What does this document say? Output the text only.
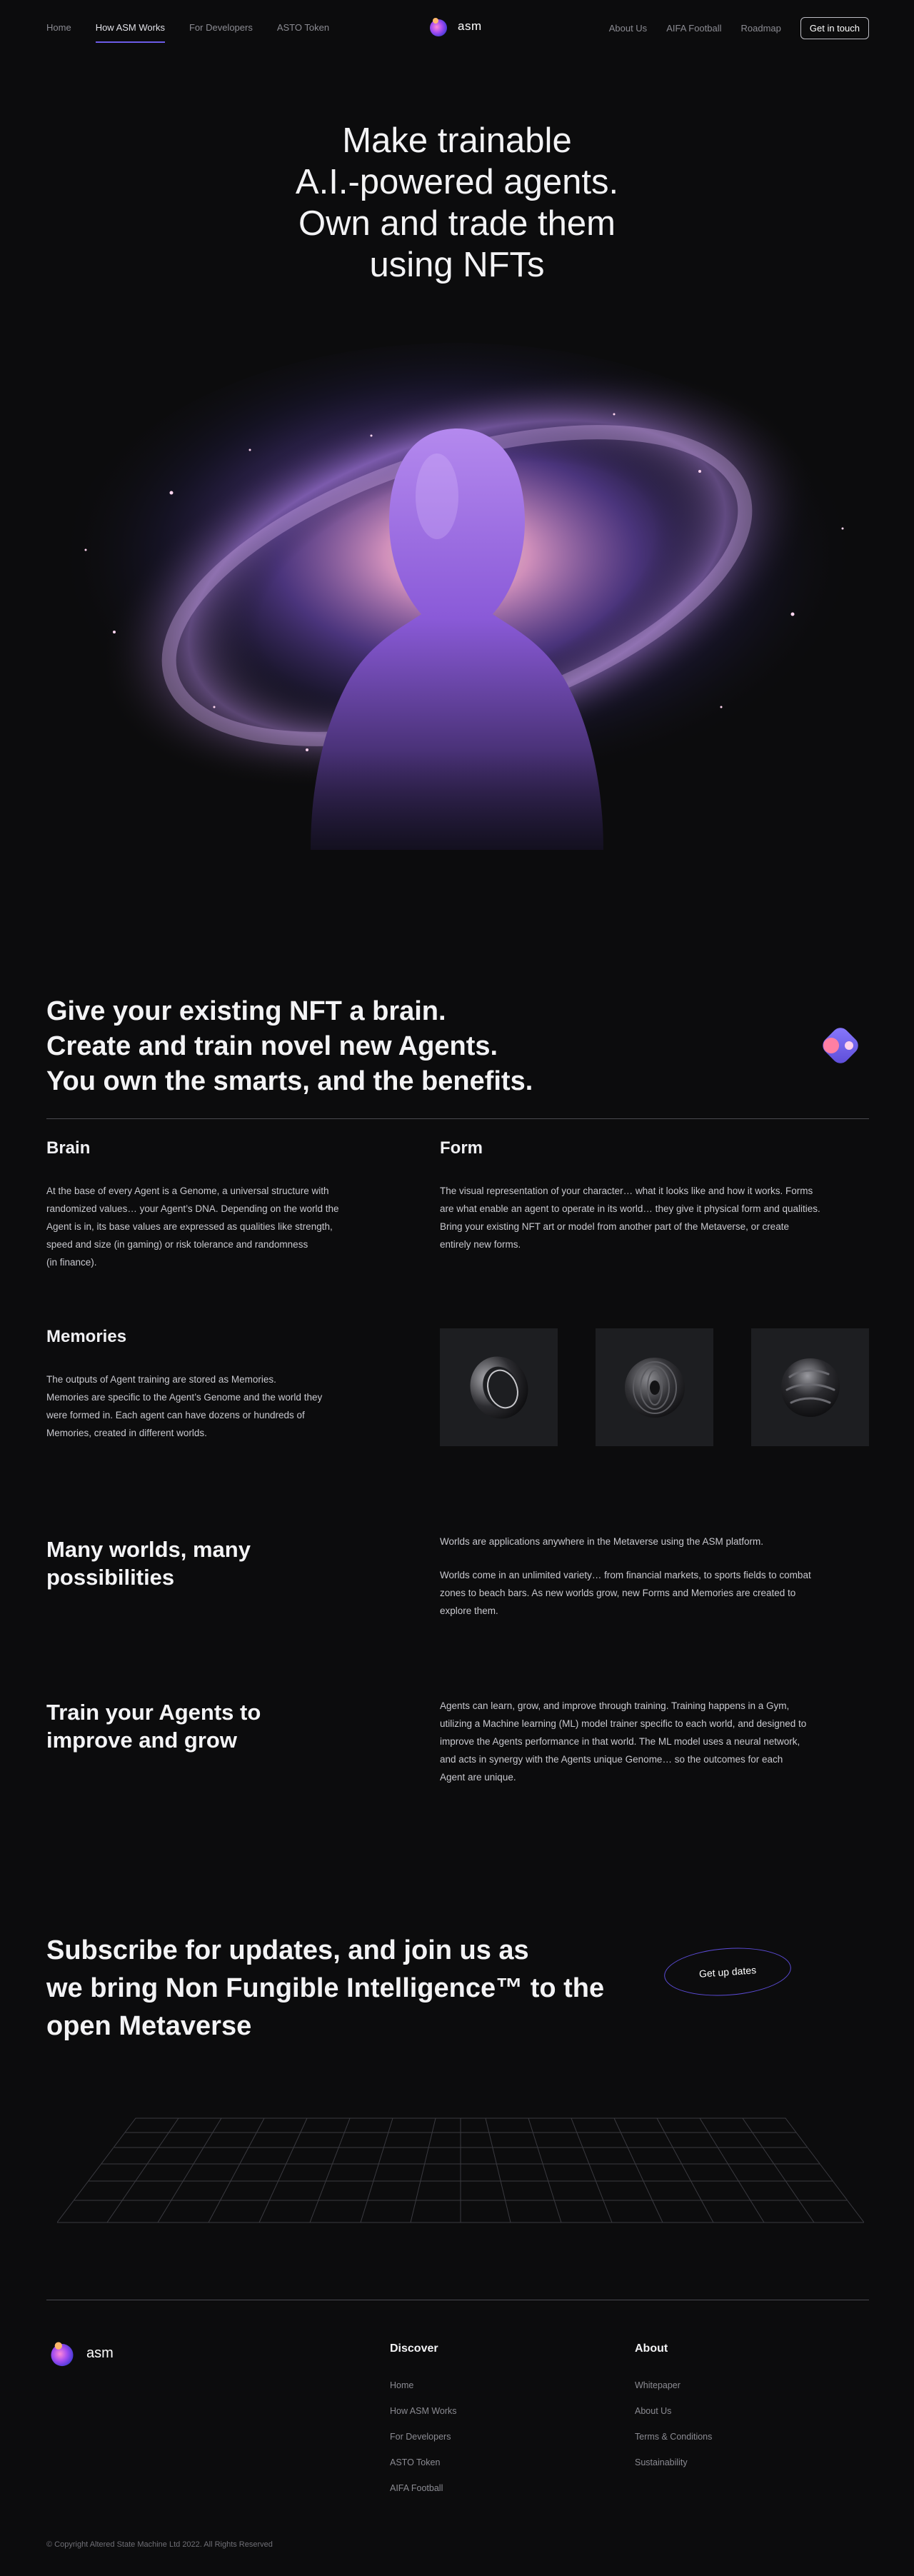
Home	How ASM Works	For Developers	ASTO Token	asm	About Us AIFA Football Roadmap	Get in touch
Make trainable
A.I.-powered agents.
Own and trade them
using NFTs
Give your existing NFT a brain.
Create and train novel new Agents.
You own the smarts, and the benefits.
Brain
At the base of every Agent is a Genome, a universal structure with
randomized values… your Agent’s DNA. Depending on the world the
Agent is in, its base values are expressed as qualities like strength,
speed and size (in gaming) or risk tolerance and randomness
(in finance).
Form
The visual representation of your character… what it looks like and how it works. Forms
are what enable an agent to operate in its world… they give it physical form and qualities.
Bring your existing NFT art or model from another part of the Metaverse, or create
entirely new forms.
Memories
The outputs of Agent training are stored as Memories.
Memories are specific to the Agent’s Genome and the world they
were formed in. Each agent can have dozens or hundreds of
Memories, created in different worlds.
Many worlds, many
possibilities

Worlds are applications anywhere in the Metaverse using the ASM platform.

Worlds come in an unlimited variety… from financial markets, to sports fields to combat
zones to beach bars. As new worlds grow, new Forms and Memories are created to
explore them.

Train your Agents to
improve and grow
Agents can learn, grow, and improve through training. Training happens in a Gym,
utilizing a Machine learning (ML) model trainer specific to each world, and designed to
improve the Agents performance in that world. The ML model uses a neural network,
and acts in synergy with the Agents unique Genome… so the outcomes for each
Agent are unique.
Subscribe for updates, and join us as
we bring Non Fungible Intelligence™ to the
open Metaverse
Get up dates
asm	Discover
Home
How ASM Works
For Developers
ASTO Token
AIFA Football
About
Whitepaper
About Us
Terms & Conditions
Sustainability

© Copyright Altered State Machine Ltd 2022. All Rights Reserved
